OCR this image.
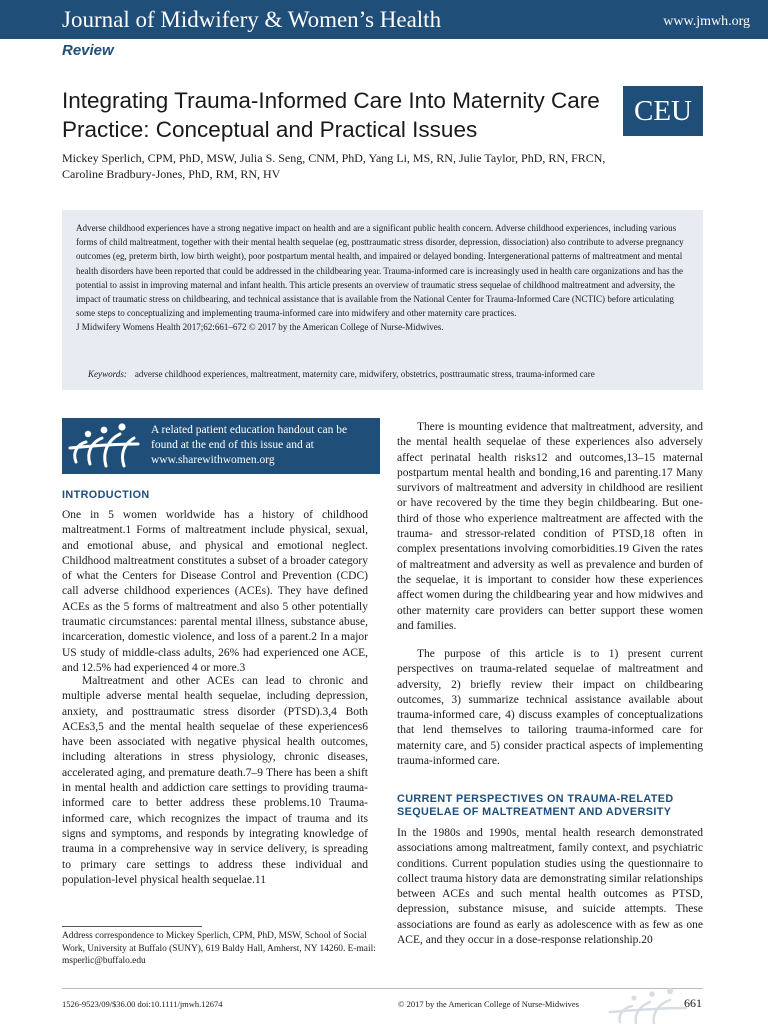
Journal of Midwifery & Women’s Health	www.jmwh.org
Review
Integrating Trauma-Informed Care Into Maternity Care Practice: Conceptual and Practical Issues
CEU
Mickey Sperlich, CPM, PhD, MSW, Julia S. Seng, CNM, PhD, Yang Li, MS, RN, Julie Taylor, PhD, RN, FRCN, Caroline Bradbury-Jones, PhD, RM, RN, HV

Adverse childhood experiences have a strong negative impact on health and are a significant public health concern. Adverse childhood experiences, including various forms of child maltreatment, together with their mental health sequelae (eg, posttraumatic stress disorder, depression, dissociation) also contribute to adverse pregnancy outcomes (eg, preterm birth, low birth weight), poor postpartum mental health, and impaired or delayed bonding. Intergenerational patterns of maltreatment and mental health disorders have been reported that could be addressed in the childbearing year. Trauma-informed care is increasingly used in health care organizations and has the potential to assist in improving maternal and infant health. This article presents an overview of traumatic stress sequelae of childhood maltreatment and adversity, the impact of traumatic stress on childbearing, and technical assistance that is available from the National Center for Trauma-Informed Care (NCTIC) before articulating some steps to conceptualizing and implementing trauma-informed care into midwifery and other maternity care practices.
J Midwifery Womens Health 2017;62:661–672 © 2017 by the American College of Nurse-Midwives.

Keywords: adverse childhood experiences, maltreatment, maternity care, midwifery, obstetrics, posttraumatic stress, trauma-informed care
A related patient education handout can be found at the end of this issue and at www.sharewithwomen.org
INTRODUCTION

One in 5 women worldwide has a history of childhood maltreatment.1 Forms of maltreatment include physical, sexual, and emotional abuse, and physical and emotional neglect. Childhood maltreatment constitutes a subset of a broader category of what the Centers for Disease Control and Prevention (CDC) call adverse childhood experiences (ACEs). They have defined ACEs as the 5 forms of maltreatment and also 5 other potentially traumatic circumstances: parental mental illness, substance abuse, incarceration, domestic violence, and loss of a parent.2 In a major US study of middle-class adults, 26% had experienced one ACE, and 12.5% had experienced 4 or more.3

Maltreatment and other ACEs can lead to chronic and multiple adverse mental health sequelae, including depression, anxiety, and posttraumatic stress disorder (PTSD).3,4 Both ACEs3,5 and the mental health sequelae of these experiences6 have been associated with negative physical health outcomes, including alterations in stress physiology, chronic diseases, accelerated aging, and premature death.7–9 There has been a shift in mental health and addiction care settings to providing trauma-informed care to better address these problems.10 Trauma-informed care, which recognizes the impact of trauma and its signs and symptoms, and responds by integrating knowledge of trauma in a comprehensive way in service delivery, is spreading to primary care settings to address these individual and population-level physical health sequelae.11

There is mounting evidence that maltreatment, adversity, and the mental health sequelae of these experiences also adversely affect perinatal health risks12 and outcomes,13–15 maternal postpartum mental health and bonding,16 and parenting.17 Many survivors of maltreatment and adversity in childhood are resilient or have recovered by the time they begin childbearing. But one-third of those who experience maltreatment are affected with the trauma- and stressor-related condition of PTSD,18 often in complex presentations involving comorbidities.19 Given the rates of maltreatment and adversity as well as prevalence and burden of the sequelae, it is important to consider how these experiences affect women during the childbearing year and how midwives and other maternity care providers can better support these women and families.

The purpose of this article is to 1) present current perspectives on trauma-related sequelae of maltreatment and adversity, 2) briefly review their impact on childbearing outcomes, 3) summarize technical assistance available about trauma-informed care, 4) discuss examples of conceptualizations that lend themselves to tailoring trauma-informed care for maternity care, and 5) consider practical aspects of implementing trauma-informed care.

CURRENT PERSPECTIVES ON TRAUMA-RELATED SEQUELAE OF MALTREATMENT AND ADVERSITY

In the 1980s and 1990s, mental health research demonstrated associations among maltreatment, family context, and psychiatric conditions. Current population studies using the questionnaire to collect trauma history data are demonstrating similar relationships between ACEs and such mental health outcomes as PTSD, depression, substance misuse, and suicide attempts. These associations are found as early as adolescence with as few as one ACE, and they occur in a dose-response relationship.20

Address correspondence to Mickey Sperlich, CPM, PhD, MSW, School of Social Work, University at Buffalo (SUNY), 619 Baldy Hall, Amherst, NY 14260. E-mail: msperlic@buffalo.edu
1526-9523/09/$36.00 doi:10.1111/jmwh.12674	© 2017 by the American College of Nurse-Midwives	661
